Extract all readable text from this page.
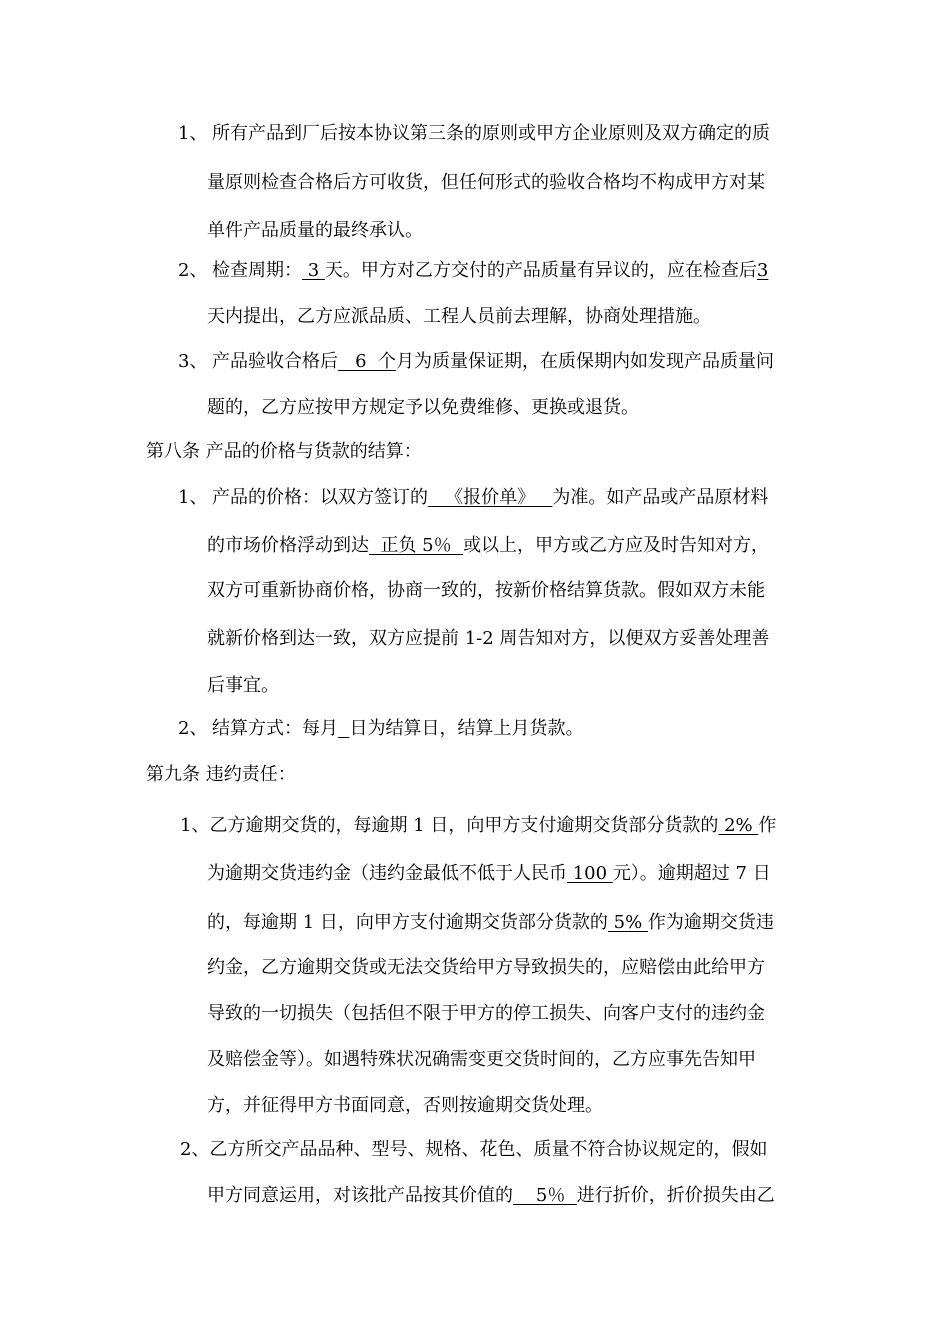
1、 所有产品到厂后按本协议第三条的原则或甲方企业原则及双方确定的质
量原则检查合格后方可收货，但任何形式的验收合格均不构成甲方对某
单件产品质量的最终承认。
2、 检查周期： 3 天。甲方对乙方交付的产品质量有异议的，应在检查后3
天内提出，乙方应派品质、工程人员前去理解，协商处理措施。
3、 产品验收合格后   6  个月为质量保证期，在质保期内如发现产品质量问
题的，乙方应按甲方规定予以免费维修、更换或退货。
第八条 产品的价格与货款的结算：
1、 产品的价格：以双方签订的   《报价单》   为准。如产品或产品原材料
的市场价格浮动到达  正负 5％  或以上，甲方或乙方应及时告知对方，
双方可重新协商价格，协商一致的，按新价格结算货款。假如双方未能
就新价格到达一致，双方应提前 1-2 周告知对方，以便双方妥善处理善
后事宜。
2、 结算方式：每月 日为结算日，结算上月货款。
第九条 违约责任：
1、乙方逾期交货的，每逾期 1 日，向甲方支付逾期交货部分货款的 2% 作
为逾期交货违约金（违约金最低不低于人民币 100 元）。逾期超过 7 日
的，每逾期 1 日，向甲方支付逾期交货部分货款的 5% 作为逾期交货违
约金，乙方逾期交货或无法交货给甲方导致损失的，应赔偿由此给甲方
导致的一切损失（包括但不限于甲方的停工损失、向客户支付的违约金
及赔偿金等）。如遇特殊状况确需变更交货时间的，乙方应事先告知甲
方，并征得甲方书面同意，否则按逾期交货处理。
2、乙方所交产品品种、型号、规格、花色、质量不符合协议规定的，假如
甲方同意运用，对该批产品按其价值的    5％  进行折价，折价损失由乙
